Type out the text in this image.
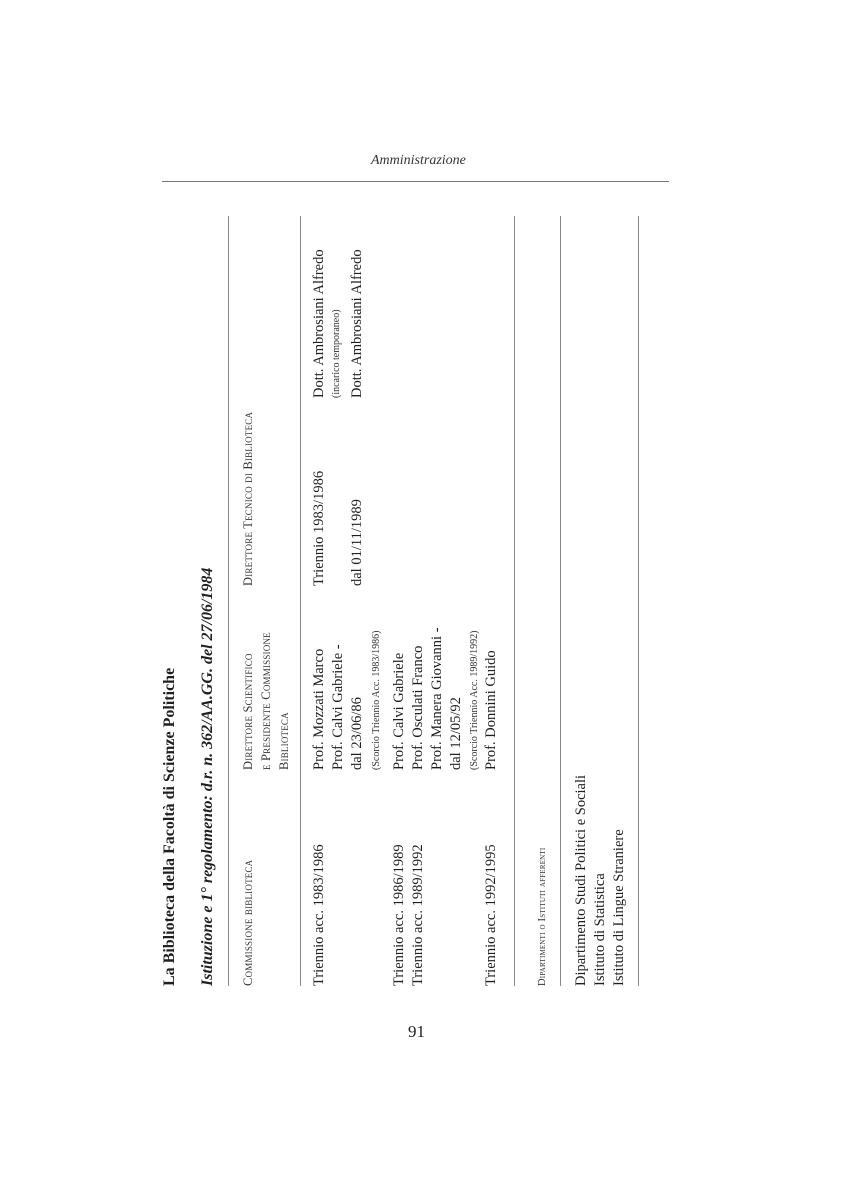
Amministrazione
La Biblioteca della Facoltà di Scienze Politiche Istituzione e 1° regolamento: d.r. n. 362/AA.GG. del 27/06/1984 Commissione biblioteca
Direttore Scientifico e Presidente Commissione Biblioteca
Direttore Tecnico di Biblioteca
Triennio acc. 1983/1986	Triennio acc. 1986/1989 Triennio acc. 1989/1992	Triennio acc. 1992/1995
Prof. Mozzati Marco Prof. Calvi Gabriele - dal 23/06/86 (Scorcio Triennio Acc. 1983/1986) Prof. Calvi Gabriele Prof. Osculati Franco Prof. Manera Giovanni - dal 12/05/92 (Scorcio Triennio Acc. 1989/1992) Prof. Donnini Guido
Triennio 1983/1986 dal 01/11/1989
Dott. Ambrosiani Alfredo (incarico temporaneo) Dott. Ambrosiani Alfredo
Dipartimenti o Istituti afferenti Dipartimento Studi Politici e Sociali Istituto di Statistica Istituto di Lingue Straniere
91
